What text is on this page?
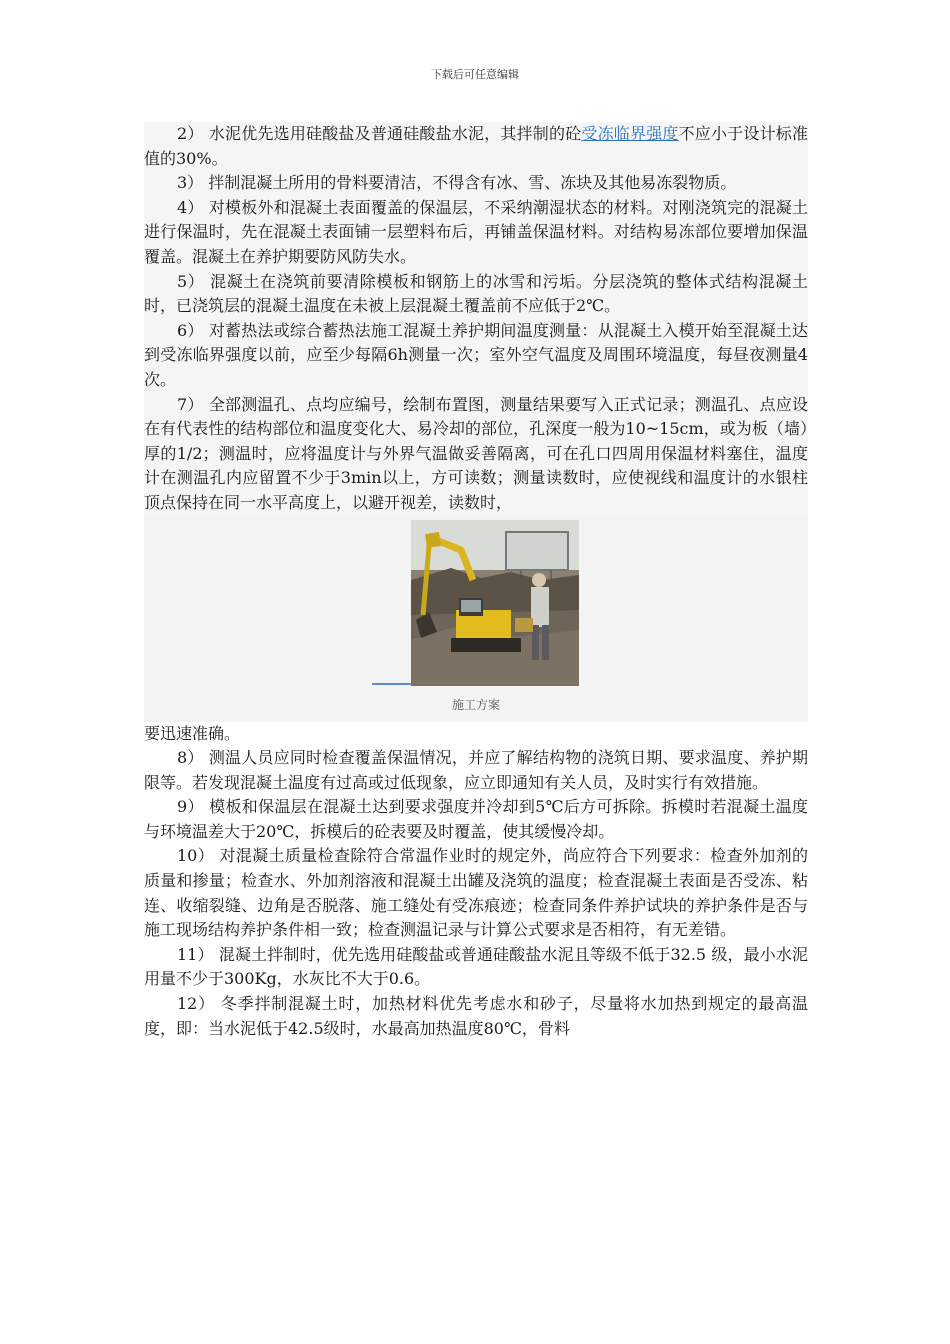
下载后可任意编辑

2） 水泥优先选用硅酸盐及普通硅酸盐水泥，其拌制的砼受冻临界强度不应小于设计标准值的30%。

3） 拌制混凝土所用的骨料要清洁，不得含有冰、雪、冻块及其他易冻裂物质。

4） 对模板外和混凝土表面覆盖的保温层，不采纳潮湿状态的材料。对刚浇筑完的混凝土进行保温时，先在混凝土表面铺一层塑料布后，再铺盖保温材料。对结构易冻部位要增加保温覆盖。混凝土在养护期要防风防失水。

5） 混凝土在浇筑前要清除模板和钢筋上的冰雪和污垢。分层浇筑的整体式结构混凝土时，已浇筑层的混凝土温度在未被上层混凝土覆盖前不应低于2℃。

6） 对蓄热法或综合蓄热法施工混凝土养护期间温度测量：从混凝土入模开始至混凝土达到受冻临界强度以前，应至少每隔6h测量一次；室外空气温度及周围环境温度，每昼夜测量4次。

7） 全部测温孔、点均应编号，绘制布置图，测量结果要写入正式记录；测温孔、点应设在有代表性的结构部位和温度变化大、易冷却的部位，孔深度一般为10~15cm，或为板（墙）厚的1/2；测温时，应将温度计与外界气温做妥善隔离，可在孔口四周用保温材料塞住，温度计在测温孔内应留置不少于3min以上，方可读数；测量读数时，应使视线和温度计的水银柱顶点保持在同一水平高度上，以避开视差，读数时，

施工方案

要迅速准确。

8） 测温人员应同时检查覆盖保温情况，并应了解结构物的浇筑日期、要求温度、养护期限等。若发现混凝土温度有过高或过低现象，应立即通知有关人员，及时实行有效措施。

9） 模板和保温层在混凝土达到要求强度并冷却到5℃后方可拆除。拆模时若混凝土温度与环境温差大于20℃，拆模后的砼表要及时覆盖，使其缓慢冷却。

10） 对混凝土质量检查除符合常温作业时的规定外，尚应符合下列要求：检查外加剂的质量和掺量；检查水、外加剂溶液和混凝土出罐及浇筑的温度；检查混凝土表面是否受冻、粘连、收缩裂缝、边角是否脱落、施工缝处有受冻痕迹；检查同条件养护试块的养护条件是否与施工现场结构养护条件相一致；检查测温记录与计算公式要求是否相符，有无差错。

11） 混凝土拌制时，优先选用硅酸盐或普通硅酸盐水泥且等级不低于32.5 级，最小水泥用量不少于300Kg，水灰比不大于0.6。

12） 冬季拌制混凝土时，加热材料优先考虑水和砂子，尽量将水加热到规定的最高温度，即：当水泥低于42.5级时，水最高加热温度80℃，骨料
